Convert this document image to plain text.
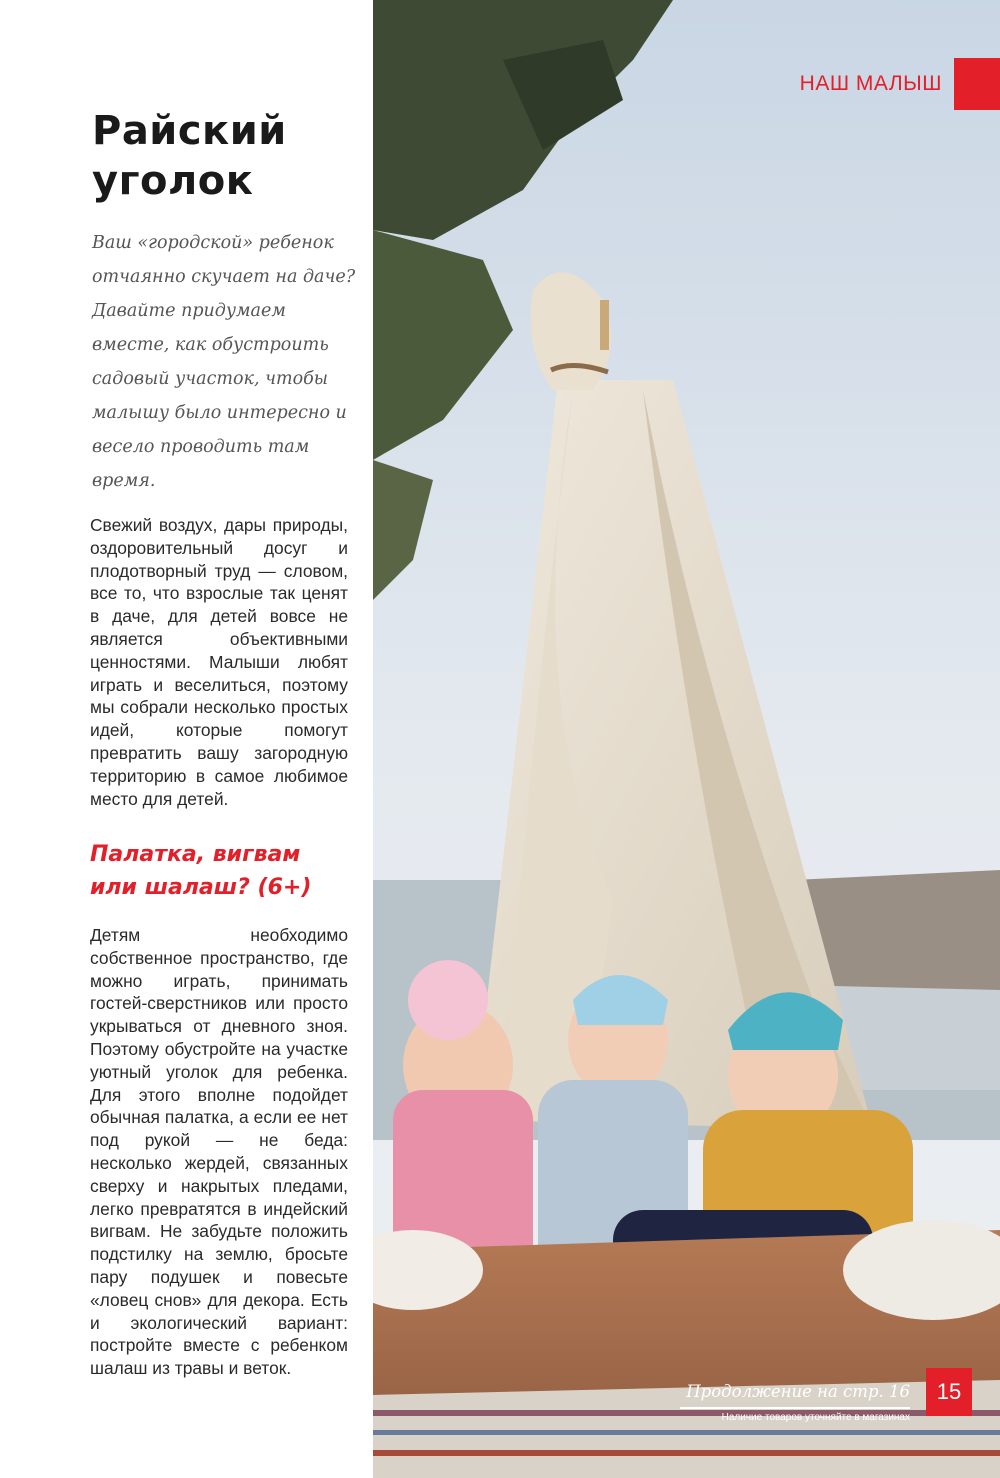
Райский
уголок

Ваш «городской» ребенок отчаянно скучает на даче? Давайте придумаем вместе, как обустроить садовый участок, чтобы малышу было интересно и весело проводить там время.

Свежий воздух, дары природы, оздоровительный досуг и плодотворный труд — словом, все то, что взрослые так ценят в даче, для детей вовсе не является объективными ценностями. Малыши любят играть и веселиться, поэтому мы собрали несколько простых идей, которые помогут превратить вашу загородную территорию в самое любимое место для детей.

Палатка, вигвам
или шалаш? (6+)

Детям необходимо собственное пространство, где можно играть, принимать гостей-сверстников или просто укрываться от дневного зноя. Поэтому обустройте на участке уютный уголок для ребенка. Для этого вполне подойдет обычная палатка, а если ее нет под рукой — не беда: несколько жердей, связанных сверху и накрытых пледами, легко превратятся в индейский вигвам. Не забудьте положить подстилку на землю, бросьте пару подушек и повесьте «ловец снов» для декора. Есть и экологический вариант: постройте вместе с ребенком шалаш из травы и веток.

НАШ МАЛЫШ
Продолжение на стр. 16
Наличие товаров уточняйте в магазинах
15
